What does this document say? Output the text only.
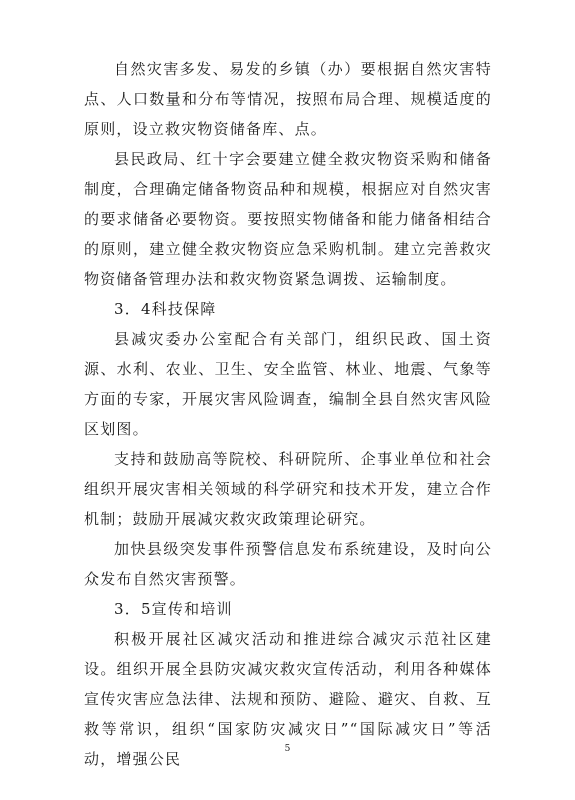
自然灾害多发、易发的乡镇（办）要根据自然灾害特点、人口数量和分布等情况，按照布局合理、规模适度的原则，设立救灾物资储备库、点。

县民政局、红十字会要建立健全救灾物资采购和储备制度，合理确定储备物资品种和规模，根据应对自然灾害的要求储备必要物资。要按照实物储备和能力储备相结合的原则，建立健全救灾物资应急采购机制。建立完善救灾物资储备管理办法和救灾物资紧急调拨、运输制度。

3．4科技保障

县减灾委办公室配合有关部门，组织民政、国土资源、水利、农业、卫生、安全监管、林业、地震、气象等方面的专家，开展灾害风险调查，编制全县自然灾害风险区划图。

支持和鼓励高等院校、科研院所、企事业单位和社会组织开展灾害相关领域的科学研究和技术开发，建立合作机制；鼓励开展减灾救灾政策理论研究。

加快县级突发事件预警信息发布系统建设，及时向公众发布自然灾害预警。

3．5宣传和培训

积极开展社区减灾活动和推进综合减灾示范社区建设。组织开展全县防灾减灾救灾宣传活动，利用各种媒体宣传灾害应急法律、法规和预防、避险、避灾、自救、互救等常识，组织“国家防灾减灾日”“国际减灾日”等活动，增强公民

5
